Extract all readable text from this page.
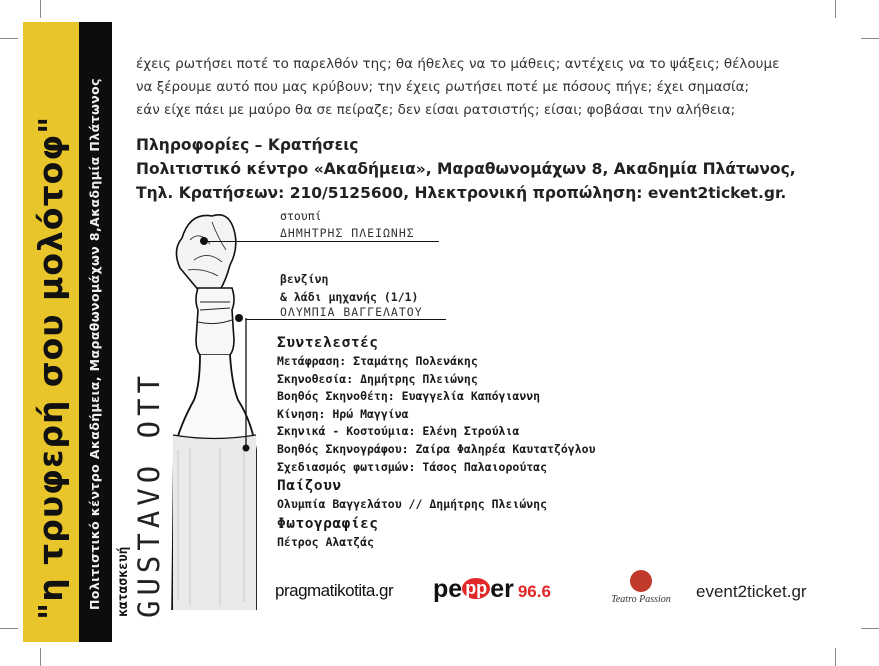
"η τρυφερή σου μολότοφ" Πολιτιστικό κέντρο Ακαδήμεια, Μαραθωνομάχων 8,Ακαδημία Πλάτωνος κατασκευή GUSTAVO OTT
έχεις ρωτήσει ποτέ το παρελθόν της; θα ήθελες να το μάθεις; αντέχεις να το ψάξεις; θέλουμε
να ξέρουμε αυτό που μας κρύβουν; την έχεις ρωτήσει ποτέ με πόσους πήγε; έχει σημασία;
εάν είχε πάει με μαύρο θα σε πείραζε; δεν είσαι ρατσιστής; είσαι; φοβάσαι την αλήθεια;
Πληροφορίες – Κρατήσεις
Πολιτιστικό κέντρο «Ακαδήμεια», Μαραθωνομάχων 8, Ακαδημία Πλάτωνος,
Τηλ. Κρατήσεων: 210/5125600, Ηλεκτρονική προπώληση: event2ticket.gr.
στουπί
ΔΗΜΗΤΡΗΣ ΠΛΕΙΩΝΗΣ
βενζίνη
& λάδι μηχανής (1/1)
ΟΛΥΜΠΙΑ ΒΑΓΓΕΛΑΤΟΥ
Συντελεστές
Μετάφραση: Σταμάτης Πολενάκης
Σκηνοθεσία: Δημήτρης Πλειώνης
Βοηθός Σκηνοθέτη: Ευαγγελία Καπόγιαννη
Κίνηση: Ηρώ Μαγγίνα
Σκηνικά - Κοστούμια: Ελένη Στρούλια
Βοηθός Σκηνογράφου: Ζαίρα Φαληρέα Καυτατζόγλου
Σχεδιασμός φωτισμών: Τάσος Παλαιορούτας
Παίζουν
Ολυμπία Βαγγελάτου // Δημήτρης Πλειώνης
Φωτογραφίες
Πέτρος Αλατζάς
pragmatikotita.gr pe pp er 96.6	Teatro Passion	event2ticket.gr
